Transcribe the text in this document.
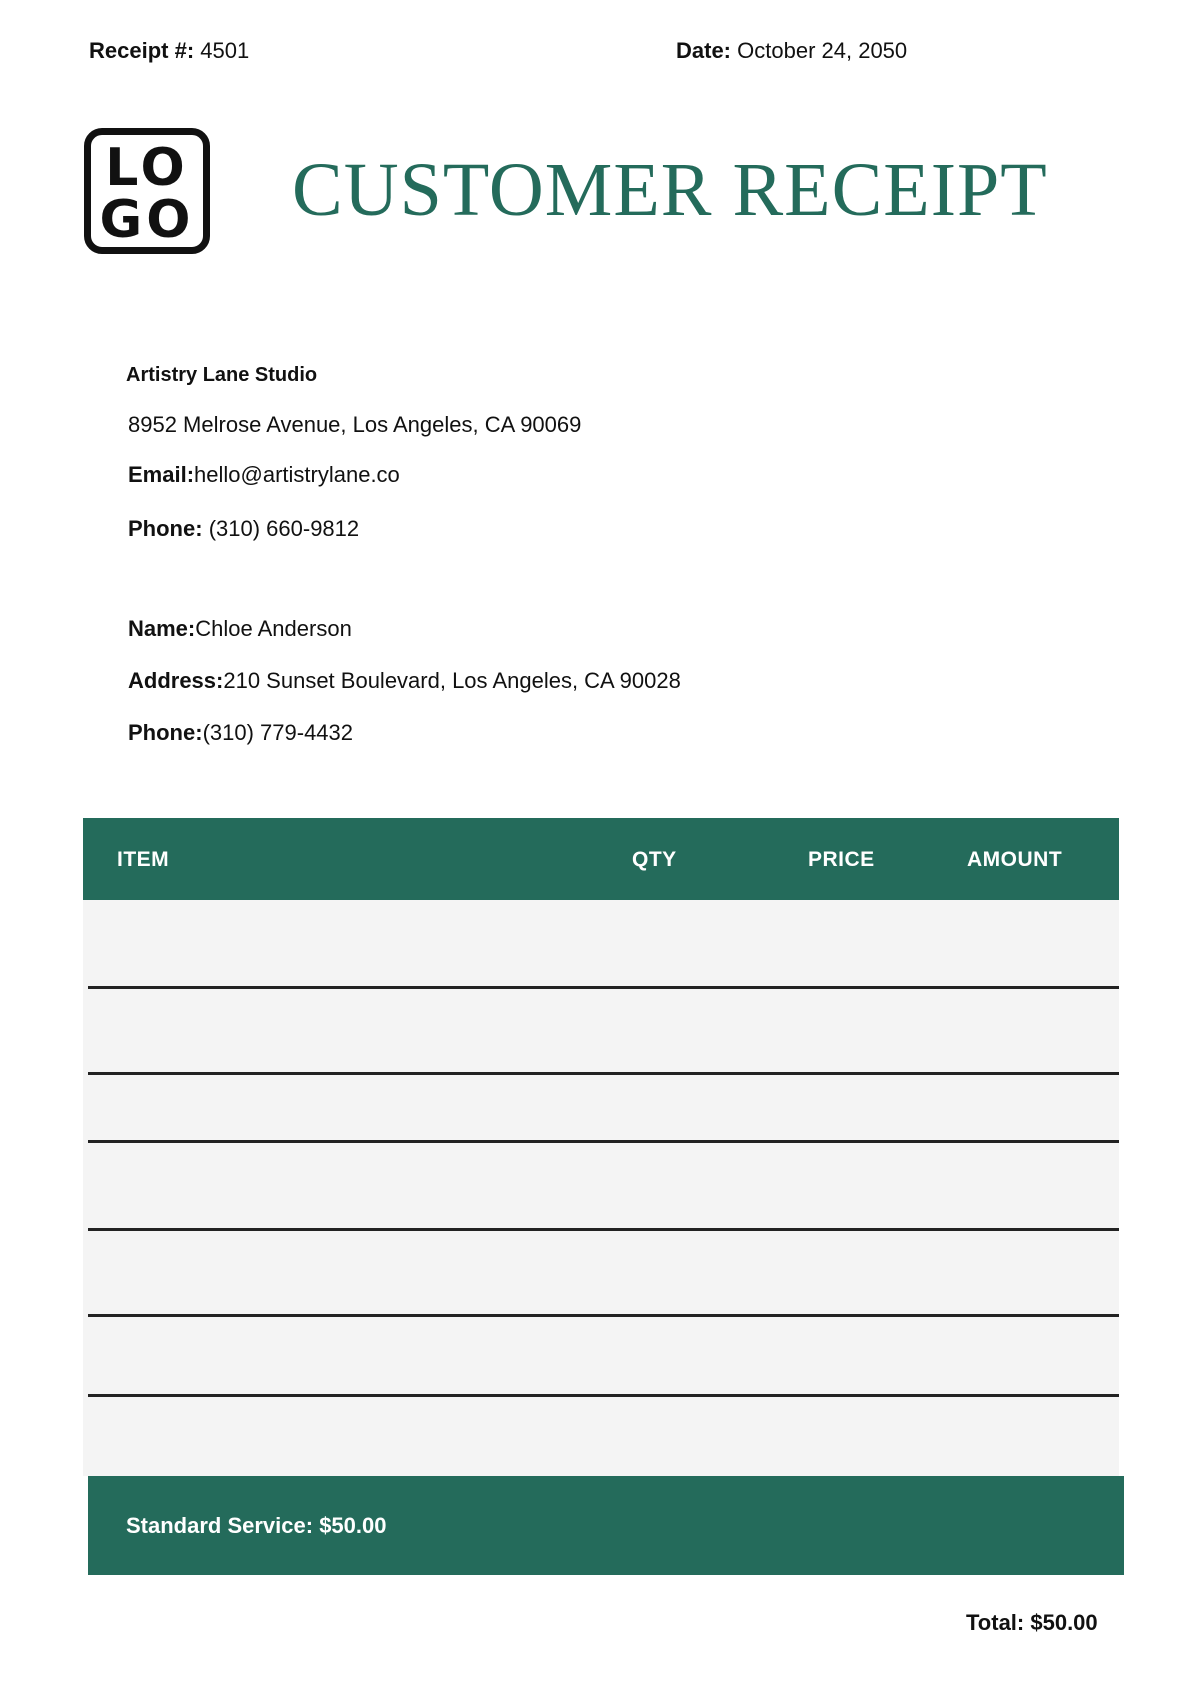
Receipt #: 4501	Date: October 24, 2050
LO
GO CUSTOMER RECEIPT
Artistry Lane Studio
8952 Melrose Avenue, Los Angeles, CA 90069
Email:hello@artistrylane.co
Phone: (310) 660-9812
Name:Chloe Anderson
Address:210 Sunset Boulevard, Los Angeles, CA 90028
Phone:(310) 779-4432
ITEM	QTY	PRICE	AMOUNT
Standard Service: $50.00
Total: $50.00
